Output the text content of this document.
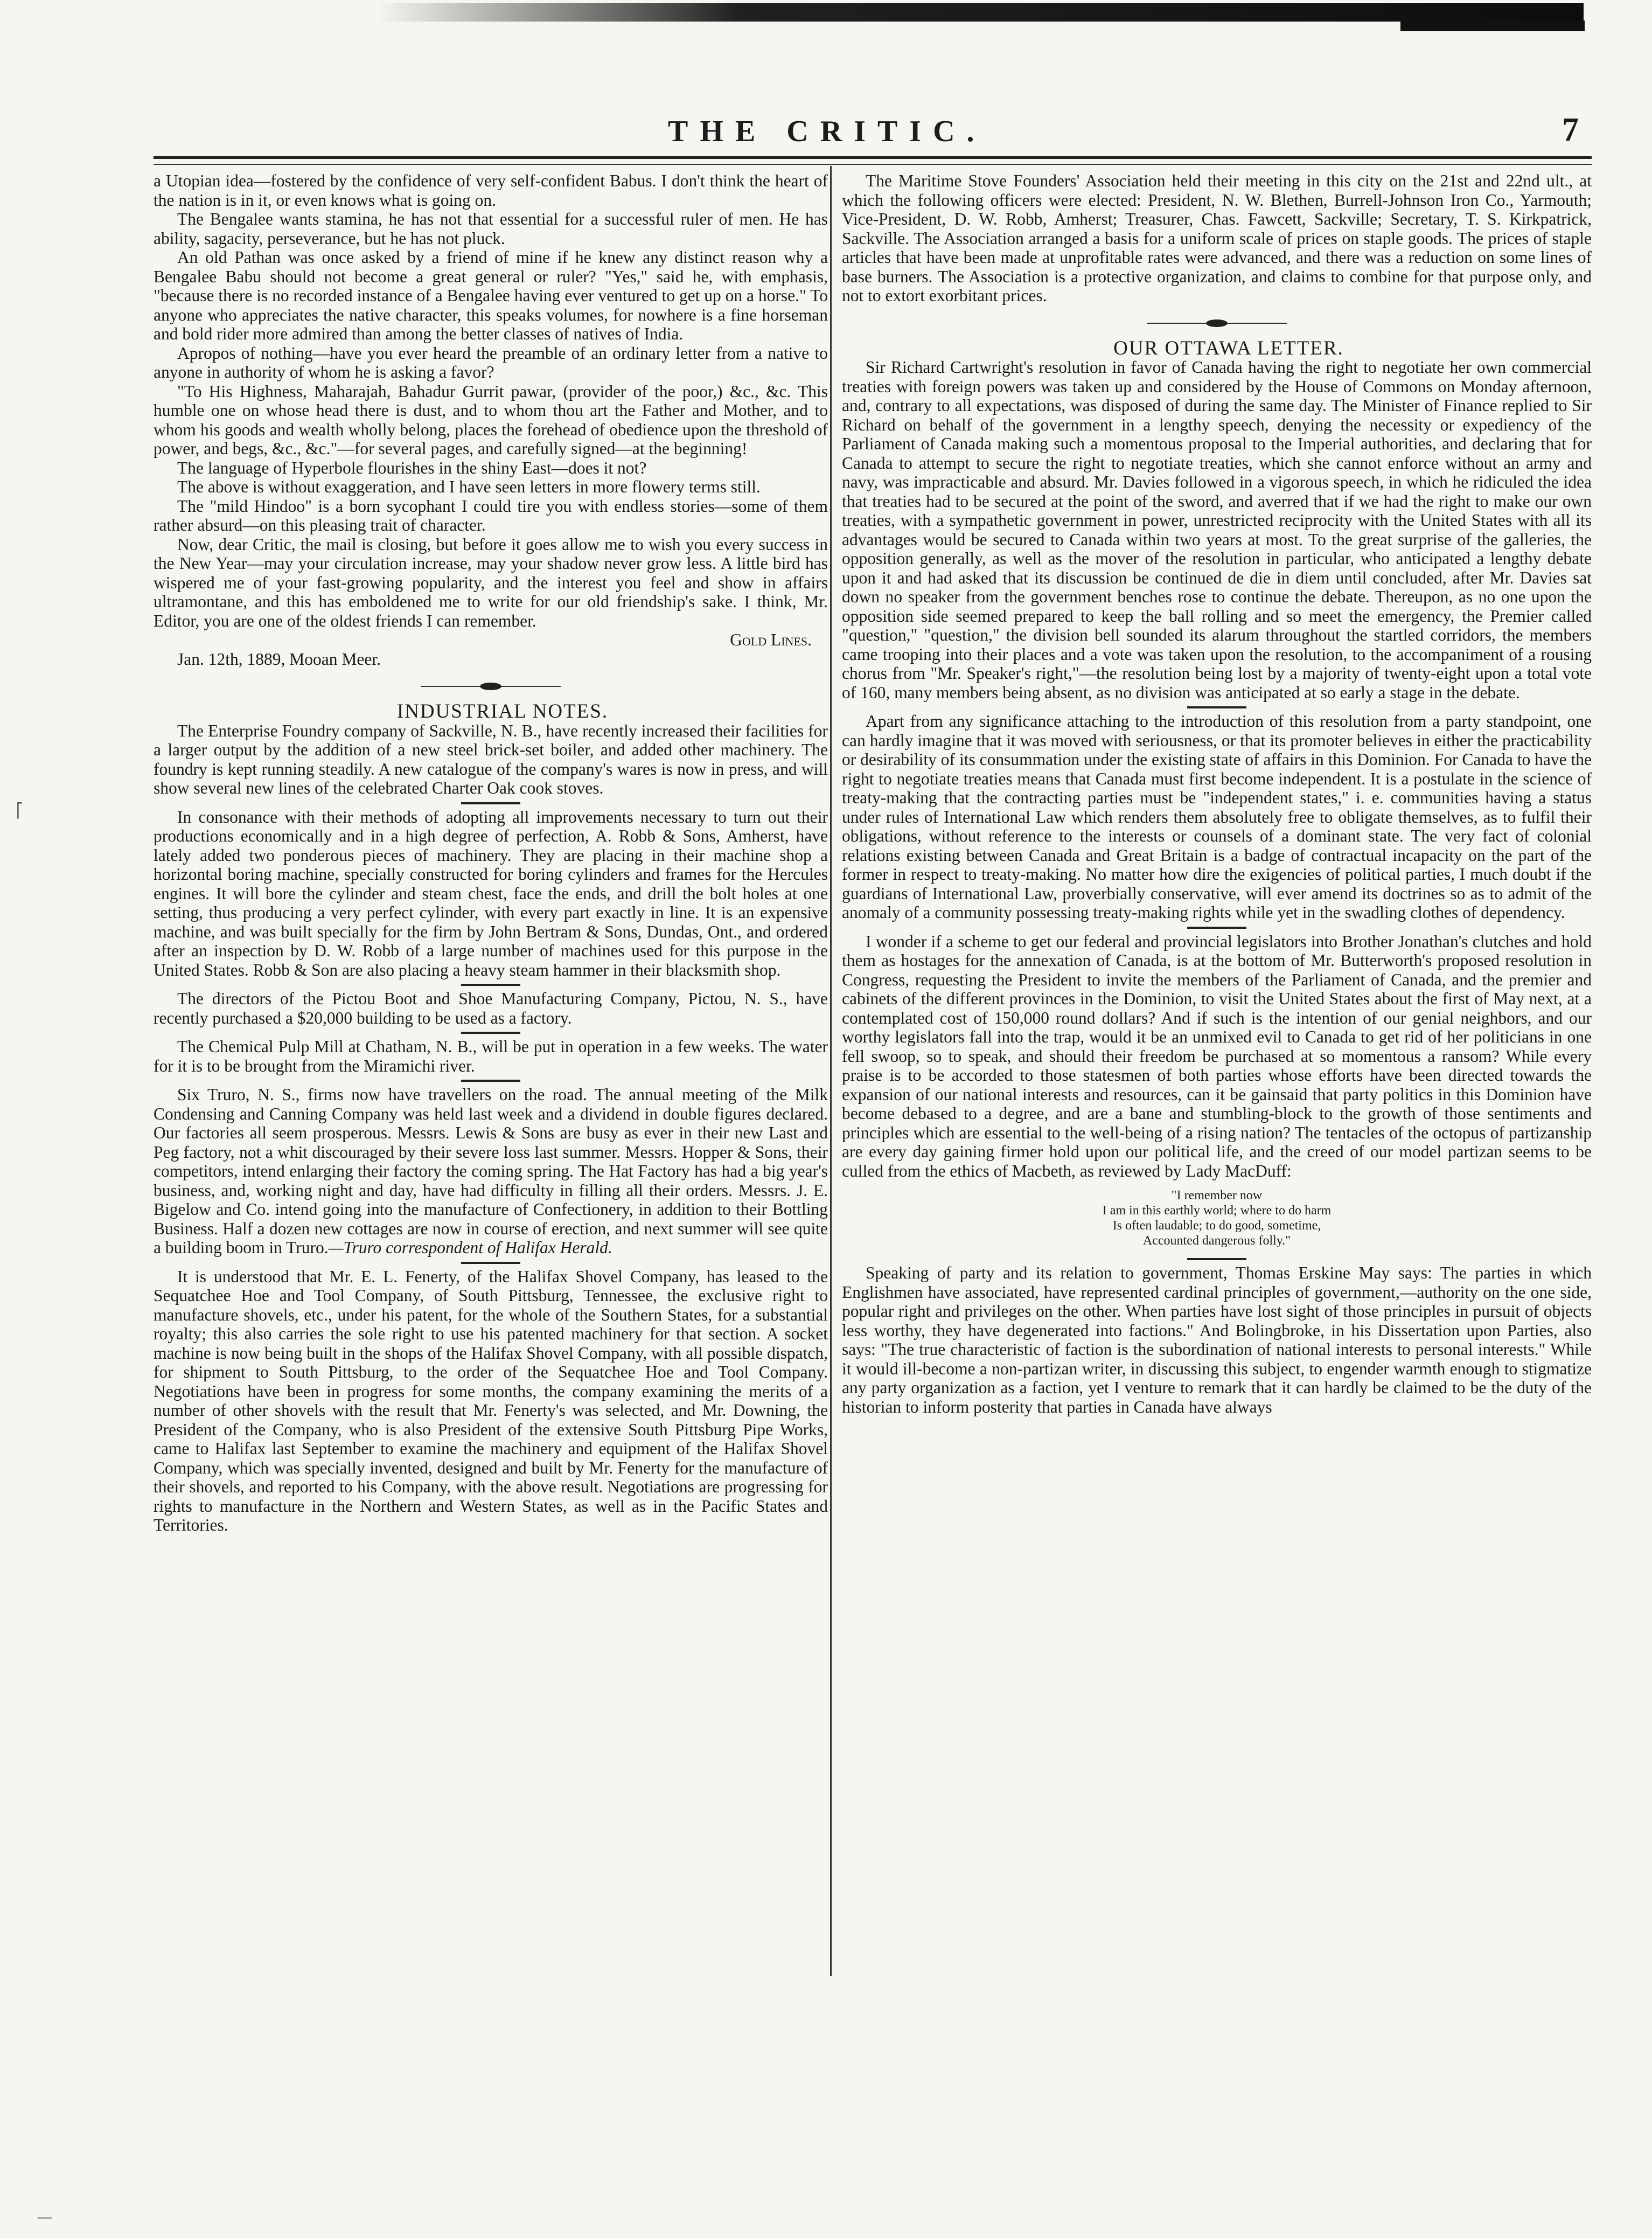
THE CRITIC.	7

a Utopian idea—fostered by the confidence of very self-confident Babus. I don't think the heart of the nation is in it, or even knows what is going on.

The Bengalee wants stamina, he has not that essential for a successful ruler of men. He has ability, sagacity, perseverance, but he has not pluck.

An old Pathan was once asked by a friend of mine if he knew any distinct reason why a Bengalee Babu should not become a great general or ruler? "Yes," said he, with emphasis, "because there is no recorded instance of a Bengalee having ever ventured to get up on a horse." To anyone who appreciates the native character, this speaks volumes, for nowhere is a fine horseman and bold rider more admired than among the better classes of natives of India.

Apropos of nothing—have you ever heard the preamble of an ordinary letter from a native to anyone in authority of whom he is asking a favor?

"To His Highness, Maharajah, Bahadur Gurrit pawar, (provider of the poor,) &c., &c. This humble one on whose head there is dust, and to whom thou art the Father and Mother, and to whom his goods and wealth wholly belong, places the forehead of obedience upon the threshold of power, and begs, &c., &c."—for several pages, and carefully signed—at the beginning!

The language of Hyperbole flourishes in the shiny East—does it not?

The above is without exaggeration, and I have seen letters in more flowery terms still.

The "mild Hindoo" is a born sycophant I could tire you with endless stories—some of them rather absurd—on this pleasing trait of character.

Now, dear Critic, the mail is closing, but before it goes allow me to wish you every success in the New Year—may your circulation increase, may your shadow never grow less. A little bird has wispered me of your fast-growing popularity, and the interest you feel and show in affairs ultramontane, and this has emboldened me to write for our old friendship's sake. I think, Mr. Editor, you are one of the oldest friends I can remember.

Gold Lines.

Jan. 12th, 1889, Mooan Meer.

INDUSTRIAL NOTES.

The Enterprise Foundry company of Sackville, N. B., have recently increased their facilities for a larger output by the addition of a new steel brick-set boiler, and added other machinery. The foundry is kept running steadily. A new catalogue of the company's wares is now in press, and will show several new lines of the celebrated Charter Oak cook stoves.

In consonance with their methods of adopting all improvements necessary to turn out their productions economically and in a high degree of perfection, A. Robb & Sons, Amherst, have lately added two ponderous pieces of machinery. They are placing in their machine shop a horizontal boring machine, specially constructed for boring cylinders and frames for the Hercules engines. It will bore the cylinder and steam chest, face the ends, and drill the bolt holes at one setting, thus producing a very perfect cylinder, with every part exactly in line. It is an expensive machine, and was built specially for the firm by John Bertram & Sons, Dundas, Ont., and ordered after an inspection by D. W. Robb of a large number of machines used for this purpose in the United States. Robb & Son are also placing a heavy steam hammer in their blacksmith shop.

The directors of the Pictou Boot and Shoe Manufacturing Company, Pictou, N. S., have recently purchased a $20,000 building to be used as a factory.

The Chemical Pulp Mill at Chatham, N. B., will be put in operation in a few weeks. The water for it is to be brought from the Miramichi river.

Six Truro, N. S., firms now have travellers on the road. The annual meeting of the Milk Condensing and Canning Company was held last week and a dividend in double figures declared. Our factories all seem prosperous. Messrs. Lewis & Sons are busy as ever in their new Last and Peg factory, not a whit discouraged by their severe loss last summer. Messrs. Hopper & Sons, their competitors, intend enlarging their factory the coming spring. The Hat Factory has had a big year's business, and, working night and day, have had difficulty in filling all their orders. Messrs. J. E. Bigelow and Co. intend going into the manufacture of Confectionery, in addition to their Bottling Business. Half a dozen new cottages are now in course of erection, and next summer will see quite a building boom in Truro.—Truro correspondent of Halifax Herald.

It is understood that Mr. E. L. Fenerty, of the Halifax Shovel Company, has leased to the Sequatchee Hoe and Tool Company, of South Pittsburg, Tennessee, the exclusive right to manufacture shovels, etc., under his patent, for the whole of the Southern States, for a substantial royalty; this also carries the sole right to use his patented machinery for that section. A socket machine is now being built in the shops of the Halifax Shovel Company, with all possible dispatch, for shipment to South Pittsburg, to the order of the Sequatchee Hoe and Tool Company. Negotiations have been in progress for some months, the company examining the merits of a number of other shovels with the result that Mr. Fenerty's was selected, and Mr. Downing, the President of the Company, who is also President of the extensive South Pittsburg Pipe Works, came to Halifax last September to examine the machinery and equipment of the Halifax Shovel Company, which was specially invented, designed and built by Mr. Fenerty for the manufacture of their shovels, and reported to his Company, with the above result. Negotiations are progressing for rights to manufacture in the Northern and Western States, as well as in the Pacific States and Territories.

The Maritime Stove Founders' Association held their meeting in this city on the 21st and 22nd ult., at which the following officers were elected: President, N. W. Blethen, Burrell-Johnson Iron Co., Yarmouth; Vice-President, D. W. Robb, Amherst; Treasurer, Chas. Fawcett, Sackville; Secretary, T. S. Kirkpatrick, Sackville. The Association arranged a basis for a uniform scale of prices on staple goods. The prices of staple articles that have been made at unprofitable rates were advanced, and there was a reduction on some lines of base burners. The Association is a protective organization, and claims to combine for that purpose only, and not to extort exorbitant prices.

OUR OTTAWA LETTER.

Sir Richard Cartwright's resolution in favor of Canada having the right to negotiate her own commercial treaties with foreign powers was taken up and considered by the House of Commons on Monday afternoon, and, contrary to all expectations, was disposed of during the same day. The Minister of Finance replied to Sir Richard on behalf of the government in a lengthy speech, denying the necessity or expediency of the Parliament of Canada making such a momentous proposal to the Imperial authorities, and declaring that for Canada to attempt to secure the right to negotiate treaties, which she cannot enforce without an army and navy, was impracticable and absurd. Mr. Davies followed in a vigorous speech, in which he ridiculed the idea that treaties had to be secured at the point of the sword, and averred that if we had the right to make our own treaties, with a sympathetic government in power, unrestricted reciprocity with the United States with all its advantages would be secured to Canada within two years at most. To the great surprise of the galleries, the opposition generally, as well as the mover of the resolution in particular, who anticipated a lengthy debate upon it and had asked that its discussion be continued de die in diem until concluded, after Mr. Davies sat down no speaker from the government benches rose to continue the debate. Thereupon, as no one upon the opposition side seemed prepared to keep the ball rolling and so meet the emergency, the Premier called "question," "question," the division bell sounded its alarum throughout the startled corridors, the members came trooping into their places and a vote was taken upon the resolution, to the accompaniment of a rousing chorus from "Mr. Speaker's right,"—the resolution being lost by a majority of twenty-eight upon a total vote of 160, many members being absent, as no division was anticipated at so early a stage in the debate.

Apart from any significance attaching to the introduction of this resolution from a party standpoint, one can hardly imagine that it was moved with seriousness, or that its promoter believes in either the practicability or desirability of its consummation under the existing state of affairs in this Dominion. For Canada to have the right to negotiate treaties means that Canada must first become independent. It is a postulate in the science of treaty-making that the contracting parties must be "independent states," i. e. communities having a status under rules of International Law which renders them absolutely free to obligate themselves, as to fulfil their obligations, without reference to the interests or counsels of a dominant state. The very fact of colonial relations existing between Canada and Great Britain is a badge of contractual incapacity on the part of the former in respect to treaty-making. No matter how dire the exigencies of political parties, I much doubt if the guardians of International Law, proverbially conservative, will ever amend its doctrines so as to admit of the anomaly of a community possessing treaty-making rights while yet in the swadling clothes of dependency.

I wonder if a scheme to get our federal and provincial legislators into Brother Jonathan's clutches and hold them as hostages for the annexation of Canada, is at the bottom of Mr. Butterworth's proposed resolution in Congress, requesting the President to invite the members of the Parliament of Canada, and the premier and cabinets of the different provinces in the Dominion, to visit the United States about the first of May next, at a contemplated cost of 150,000 round dollars? And if such is the intention of our genial neighbors, and our worthy legislators fall into the trap, would it be an unmixed evil to Canada to get rid of her politicians in one fell swoop, so to speak, and should their freedom be purchased at so momentous a ransom? While every praise is to be accorded to those statesmen of both parties whose efforts have been directed towards the expansion of our national interests and resources, can it be gainsaid that party politics in this Dominion have become debased to a degree, and are a bane and stumbling-block to the growth of those sentiments and principles which are essential to the well-being of a rising nation? The tentacles of the octopus of partizanship are every day gaining firmer hold upon our political life, and the creed of our model partizan seems to be culled from the ethics of Macbeth, as reviewed by Lady MacDuff:

"I remember now
I am in this earthly world; where to do harm
Is often laudable; to do good, sometime,
Accounted dangerous folly."

Speaking of party and its relation to government, Thomas Erskine May says: The parties in which Englishmen have associated, have represented cardinal principles of government,—authority on the one side, popular right and privileges on the other. When parties have lost sight of those principles in pursuit of objects less worthy, they have degenerated into factions." And Bolingbroke, in his Dissertation upon Parties, also says: "The true characteristic of faction is the subordination of national interests to personal interests." While it would ill-become a non-partizan writer, in discussing this subject, to engender warmth enough to stigmatize any party organization as a faction, yet I venture to remark that it can hardly be claimed to be the duty of the historian to inform posterity that parties in Canada have always

⎡
—
